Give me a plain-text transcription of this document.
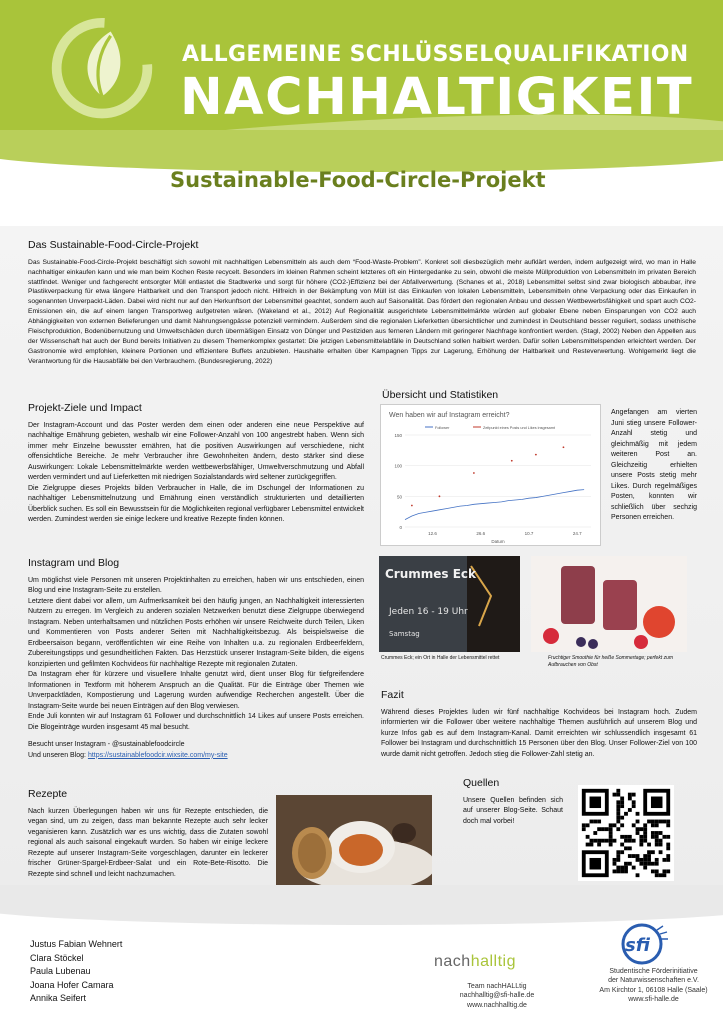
ALLGEMEINE SCHLÜSSELQUALIFIKATION
NACHHALTIGKEIT
Sustainable-Food-Circle-Projekt
Das Sustainable-Food-Circle-Projekt

Das Sustainable-Food-Circle-Projekt beschäftigt sich sowohl mit nachhaltigen Lebensmitteln als auch dem “Food-Waste-Problem”. Konkret soll diesbezüglich mehr aufklärt werden, indem aufgezeigt wird, wo man in Halle nachhaltiger einkaufen kann und wie man beim Kochen Reste recycelt. Besonders im kleinen Rahmen scheint letzteres oft ein Hintergedanke zu sein, obwohl die meiste Müllproduktion von Lebensmitteln im privaten Bereich stattfindet. Weniger und fachgerecht entsorgter Müll entlastet die Stadtwerke und sorgt für höhere (CO2-)Effizienz bei der Abfallverwertung. (Schanes et al., 2018) Lebensmittel selbst sind zwar biologisch abbaubar, ihre Plastikverpackung für etwa längere Haltbarkeit und den Transport jedoch nicht. Hilfreich in der Bekämpfung von Müll ist das Einkaufen von lokalen Lebensmitteln, Lebensmitteln ohne Verpackung oder das Einkaufen in sogenannten Unverpackt-Läden. Dabei wird nicht nur auf den Herkunftsort der Lebensmittel geachtet, sondern auch auf Saisonalität. Das fördert den regionalen Anbau und dessen Wettbewerbsfähigkeit und spart auch CO2-Emissionen ein, die auf einem langen Transportweg aufgetreten wären. (Wakeland et al., 2012) Auf Regionalität ausgerichtete Lebensmittelmärkte würden auf globaler Ebene neben Einsparungen von CO2 auch Abhängigkeiten von externen Belieferungen und damit Nahrungsengpässe potenziell vermindern. Außerdem sind die regionalen Lieferketten übersichtlicher und zumindest in Deutschland besser reguliert, sodass unethische Fleischproduktion, Bodenübernutzung und Umweltschäden durch übermäßigen Einsatz von Dünger und Pestiziden aus ferneren Ländern mit geringerer Nachfrage konfrontiert werden. (Stagl, 2002) Neben den Appellen aus der Wissenschaft hat auch der Bund bereits Initiativen zu diesem Themenkomplex gestartet: Die jetzigen Lebensmittelabfälle in Deutschland sollen halbiert werden. Dafür sollen Lebensmittelspenden erleichtert werden. Der Gastronomie wird empfohlen, kleinere Portionen und effizientere Buffets anzubieten. Haushalte erhalten über Kampagnen Tipps zur Lagerung, Erhöhung der Haltbarkeit und Resteverwertung. Wohlgemerkt liegt die Verantwortung für die Hausabfälle bei den Verbrauchern. (Bundesregierung, 2022)

Projekt-Ziele und Impact

Der Instagram-Account und das Poster werden dem einen oder anderen eine neue Perspektive auf nachhaltige Ernährung gebieten, weshalb wir eine Follower-Anzahl von 100 angestrebt haben. Wenn sich immer mehr Einzelne bewusster ernähren, hat die positiven Auswirkungen auf verschiedene, nicht offensichtliche Bereiche. Je mehr Verbraucher ihre Gewohnheiten ändern, desto stärker sind diese Auswirkungen: Lokale Lebensmittelmärkte werden wettbewerbsfähiger, Umweltverschmutzung und Abfall werden vermindert und auf Lieferketten mit niedrigen Sozialstandards wird seltener zurückgegriffen.

Die Zielgruppe dieses Projekts bilden Verbraucher in Halle, die im Dschungel der Informationen zu nachhaltiger Lebensmittelnutzung und Ernährung einen verständlich strukturierten und detaillierten Überblick suchen. Es soll ein Bewusstsein für die Möglichkeiten regional verfügbarer Lebensmittel entwickelt werden. Zumindest werden sie einige leckere und kreative Rezepte finden können.

Instagram und Blog

Um möglichst viele Personen mit unseren Projektinhalten zu erreichen, haben wir uns entschieden, einen Blog und eine Instagram-Seite zu erstellen.

Letztere dient dabei vor allem, um Aufmerksamkeit bei den häufig jungen, an Nachhaltigkeit interessierten Nutzern zu erregen. Im Vergleich zu anderen sozialen Netzwerken benutzt diese Zielgruppe überwiegend Instagram. Neben unterhaltsamen und nützlichen Posts erhöhen wir unsere Reichweite durch Teilen, Liken und Kommentieren von Posts anderer Seiten mit Nachhaltigkeitsbezug. Als beispielsweise die Erdbeersaison begann, veröffentlichten wir eine Reihe von Inhalten u.a. zu regionalen Erdbeerfeldern, Zubereitungstipps und gesundheitlichen Fakten. Das Herzstück unserer Instagram-Seite bilden, die eigens konzipierten und gefilmten Kochvideos für nachhaltige Rezepte mit regionalen Zutaten.

Da Instagram eher für kürzere und visuellere Inhalte genutzt wird, dient unser Blog für tiefgreifendere Informationen in Textform mit höherem Anspruch an die Qualität. Für die Einträge über Themen wie Unverpacktläden, Kompostierung und Lagerung wurden aufwendige Recherchen angestellt. Über die Instagram-Seite wurde bei neuen Einträgen auf den Blog verwiesen.

Ende Juli konnten wir auf Instagram 61 Follower und durchschnittlich 14 Likes auf unsere Posts erreichen. Die Blogeinträge wurden insgesamt 45 mal besucht.

Besucht unser Instagram - @sustainablefoodcircle

Und unseren Blog: https://sustainablefoodcir.wixsite.com/my-site

Rezepte

Nach kurzen Überlegungen haben wir uns für Rezepte entschieden, die vegan sind, um zu zeigen, dass man bekannte Rezepte auch sehr lecker veganisieren kann. Zusätzlich war es uns wichtig, dass die Zutaten sowohl regional als auch saisonal eingekauft wurden. So haben wir einige leckere Rezepte auf unserer Instagram-Seite vorgeschlagen, darunter ein leckerer frischer Grüner-Spargel-Erdbeer-Salat und ein Rote-Bete-Risotto. Die Rezepte sind schnell und leicht nachzumachen.

Übersicht und Statistiken
Wen haben wir auf Instagram erreicht?
Follower	Zeitpunkt eines Posts und Likes insgesamt
0
50
100
150
12.6	26.6	10.7	24.7
Datum
Angefangen am vierten Juni stieg unsere Follower-Anzahl stetig und gleichmäßig mit jedem weiteren Post an. Gleichzeitig erhielten unsere Posts stetig mehr Likes. Durch regelmäßiges Posten, konnten wir schließlich über sechzig Personen erreichen.
Crummes Eck
Jeden 16 - 19 Uhr
Samstag
Crummes Eck; ein Ort in Halle der Lebensmittel rettet	Fruchtiger Smoothie für heiße Sommertage; perfekt zum Aufbrauchen von Obst
Fazit

Während dieses Projektes luden wir fünf nachhaltige Kochvideos bei Instagram hoch. Zudem informierten wir die Follower über weitere nachhaltige Themen ausführlich auf unserem Blog und kurze Infos gab es auf dem Instagram-Kanal. Damit erreichten wir schlussendlich insgesamt 61 Follower bei Instagram und durchschnittlich 15 Personen über den Blog. Unser Follower-Ziel von 100 wurde damit nicht getroffen. Jedoch stieg die Follower-Zahl stetig an.

Quellen

Unsere Quellen befinden sich auf unserer Blog-Seite. Schaut doch mal vorbei!

Justus Fabian Wehnert
Clara Stöckel
Paula Lubenau
Joana Hofer Camara
Annika Seifert
nachhalltig
Team nachHALLtig
nachhalltig@sfi-halle.de
www.nachhalltig.de
sfi
Studentische Förderinitiative
der Naturwissenschaften e.V.
Am Kirchtor 1, 06108 Halle (Saale)
www.sfi-halle.de
